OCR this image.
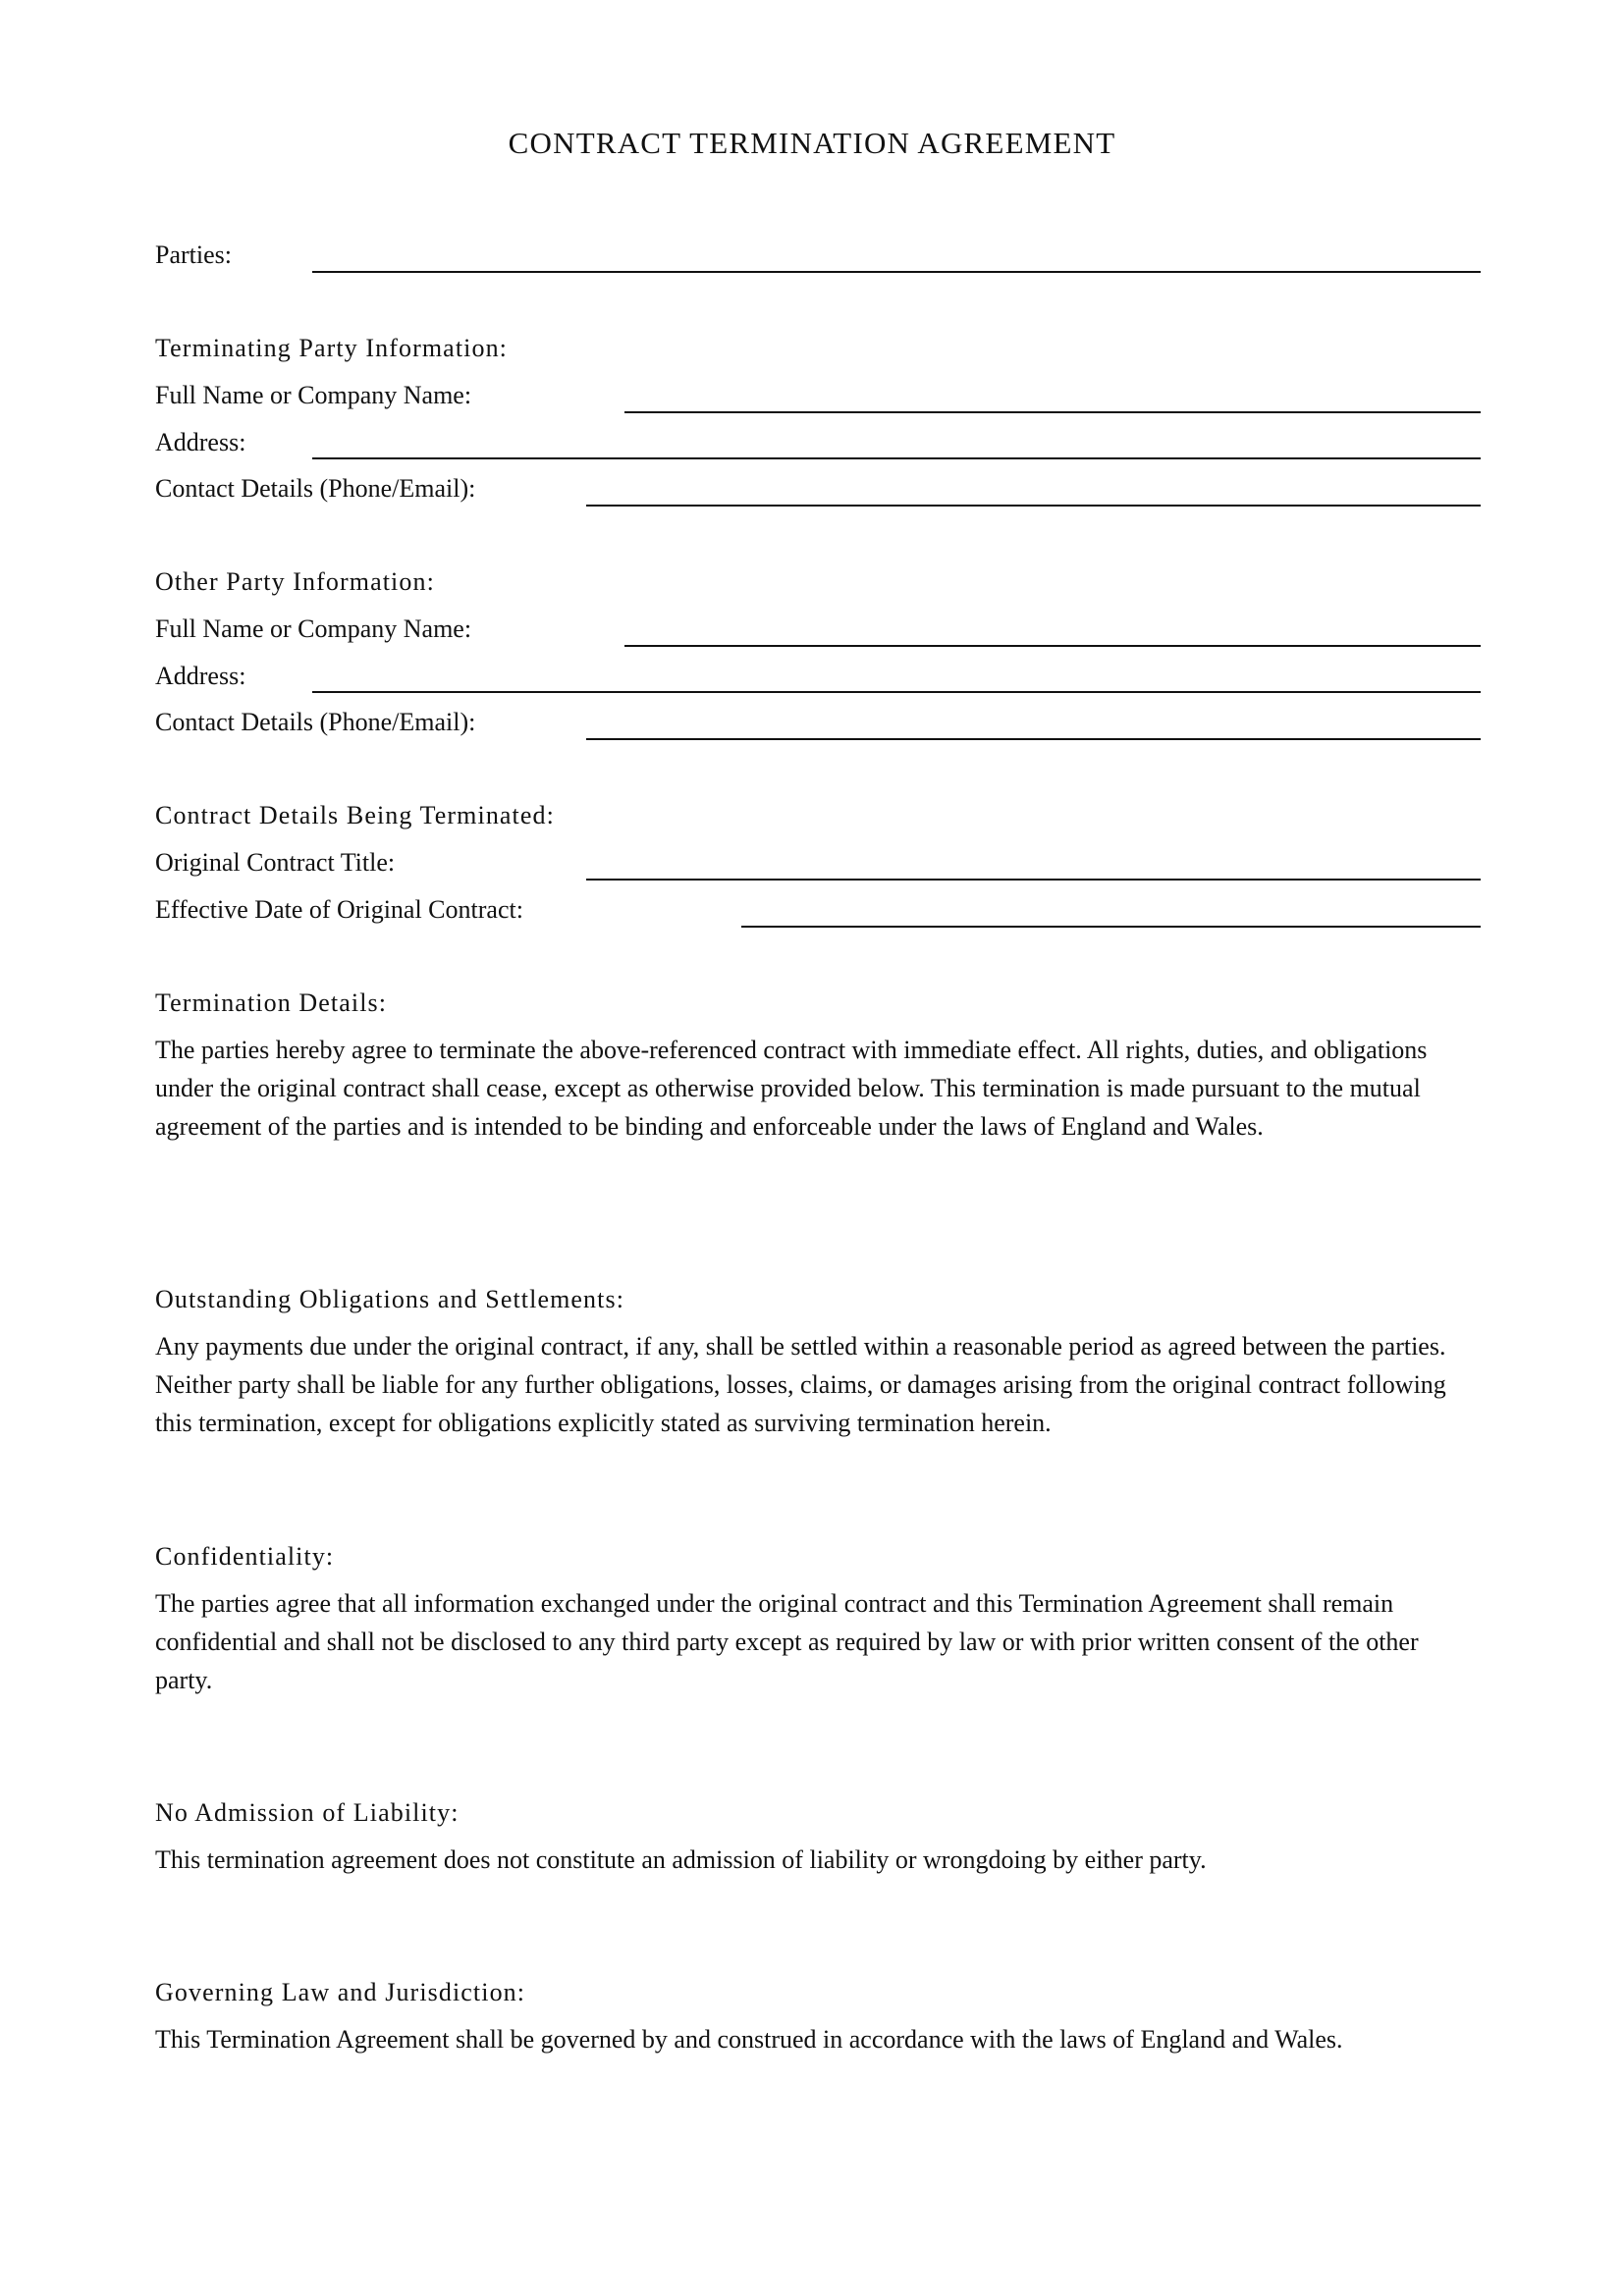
CONTRACT TERMINATION AGREEMENT
Parties:
Terminating Party Information:
Full Name or Company Name:
Address:
Contact Details (Phone/Email):
Other Party Information:
Full Name or Company Name:
Address:
Contact Details (Phone/Email):
Contract Details Being Terminated:
Original Contract Title:
Effective Date of Original Contract:
Termination Details:
The parties hereby agree to terminate the above-referenced contract with immediate effect. All rights, duties, and obligations under the original contract shall cease, except as otherwise provided below. This termination is made pursuant to the mutual agreement of the parties and is intended to be binding and enforceable under the laws of England and Wales.
Outstanding Obligations and Settlements:
Any payments due under the original contract, if any, shall be settled within a reasonable period as agreed between the parties. Neither party shall be liable for any further obligations, losses, claims, or damages arising from the original contract following this termination, except for obligations explicitly stated as surviving termination herein.
Confidentiality:
The parties agree that all information exchanged under the original contract and this Termination Agreement shall remain confidential and shall not be disclosed to any third party except as required by law or with prior written consent of the other party.
No Admission of Liability:
This termination agreement does not constitute an admission of liability or wrongdoing by either party.
Governing Law and Jurisdiction:
This Termination Agreement shall be governed by and construed in accordance with the laws of England and Wales.
